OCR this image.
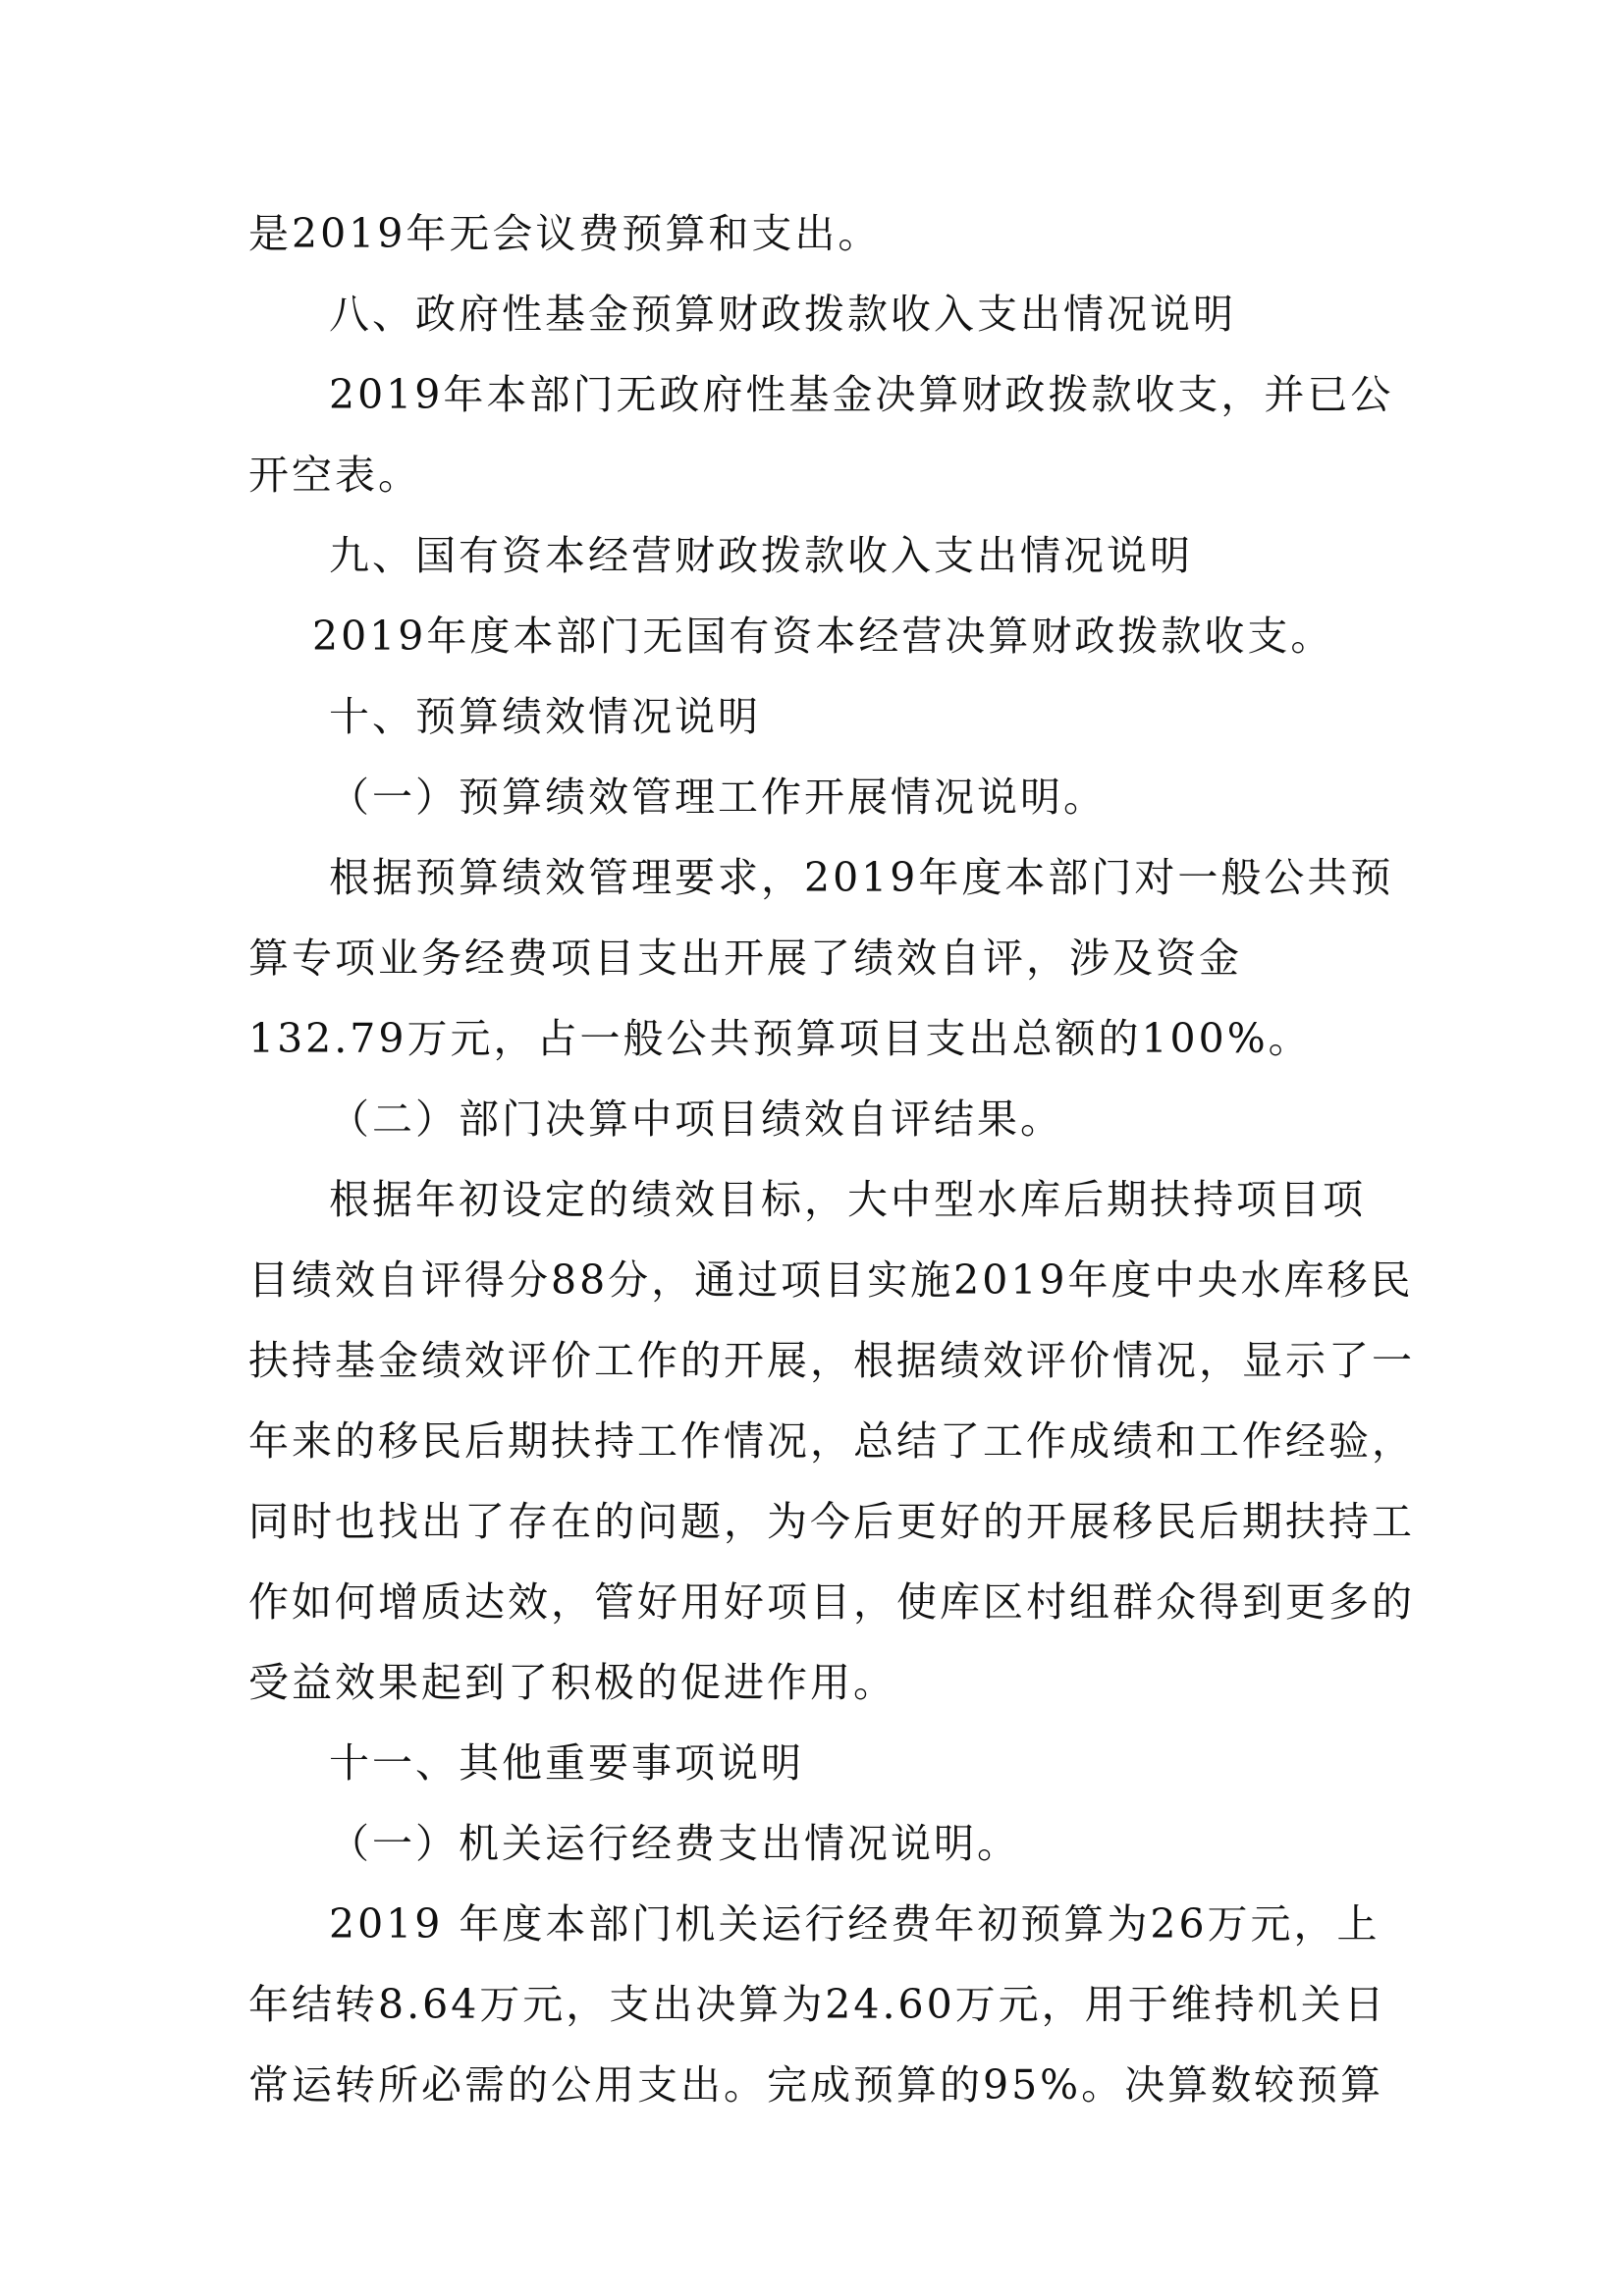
是2019年无会议费预算和支出。
八、政府性基金预算财政拨款收入支出情况说明
2019年本部门无政府性基金决算财政拨款收支，并已公
开空表。
九、国有资本经营财政拨款收入支出情况说明
2019年度本部门无国有资本经营决算财政拨款收支。
十、预算绩效情况说明
（一）预算绩效管理工作开展情况说明。
根据预算绩效管理要求，2019年度本部门对一般公共预
算专项业务经费项目支出开展了绩效自评，涉及资金
132.79万元，占一般公共预算项目支出总额的100%。
（二）部门决算中项目绩效自评结果。
根据年初设定的绩效目标，大中型水库后期扶持项目项
目绩效自评得分88分，通过项目实施2019年度中央水库移民
扶持基金绩效评价工作的开展，根据绩效评价情况，显示了一
年来的移民后期扶持工作情况，总结了工作成绩和工作经验，
同时也找出了存在的问题，为今后更好的开展移民后期扶持工
作如何增质达效，管好用好项目，使库区村组群众得到更多的
受益效果起到了积极的促进作用。
十一、其他重要事项说明
（一）机关运行经费支出情况说明。
2019 年度本部门机关运行经费年初预算为26万元，上
年结转8.64万元，支出决算为24.60万元，用于维持机关日
常运转所必需的公用支出。完成预算的95%。决算数较预算
